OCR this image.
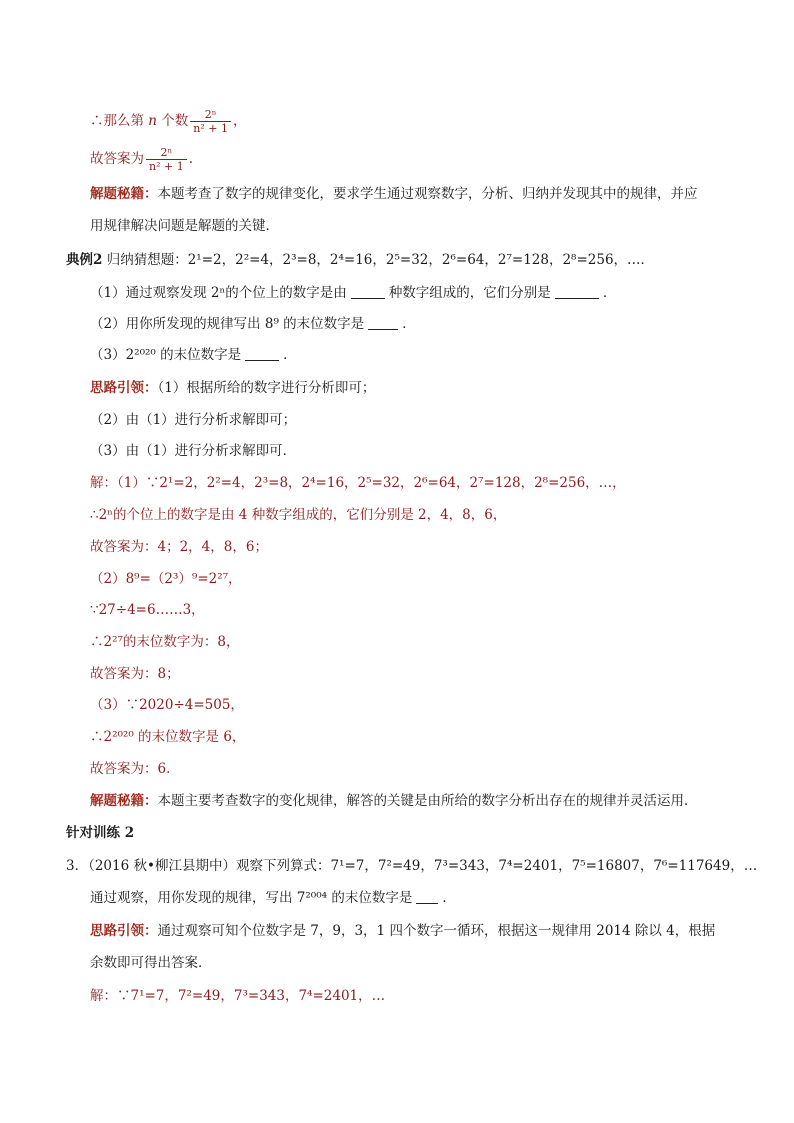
∴那么第 n 个数 $\frac{\text{2ⁿ}}{\text{n² + 1}}$ ，
故答案为 $\frac{\text{2ⁿ}}{\text{n² + 1}}$ .
解题秘籍：本题考查了数字的规律变化，要求学生通过观察数字，分析、归纳并发现其中的规律，并应
用规律解决问题是解题的关键．
典例2 归纳猜想题：2¹=2，2²=4，2³=8，2⁴=16，2⁵=32，2⁶=64，2⁷=128，2⁸=256，…．
（1）通过观察发现 2ⁿ的个位上的数字是由	种数字组成的，它们分别是	．
（2）用你所发现的规律写出 8⁹ 的末位数字是	．
（3）2²⁰²⁰ 的末位数字是	．
思路引领：（1）根据所给的数字进行分析即可；
（2）由（1）进行分析求解即可；
（3）由（1）进行分析求解即可．
解：（1）∵2¹=2，2²=4，2³=8，2⁴=16，2⁵=32，2⁶=64，2⁷=128，2⁸=256，…，
∴2ⁿ的个位上的数字是由 4 种数字组成的，它们分别是 2，4，8，6，
故答案为：4；2，4，8，6；
（2）8⁹=（2³）⁹=2²⁷，
∵27÷4=6……3，
∴2²⁷的末位数字为：8，
故答案为：8；
（3）∵2020÷4=505，
∴2²⁰²⁰ 的末位数字是 6，
故答案为：6．
解题秘籍：本题主要考查数字的变化规律，解答的关键是由所给的数字分析出存在的规律并灵活运用．
针对训练 2
3．（2016 秋•柳江县期中）观察下列算式：7¹=7，7²=49，7³=343，7⁴=2401，7⁵=16807，7⁶=117649，…
通过观察，用你发现的规律，写出 7²⁰⁰⁴ 的末位数字是 ．
思路引领：通过观察可知个位数字是 7，9，3，1 四个数字一循环，根据这一规律用 2014 除以 4，根据
余数即可得出答案．
解：∵7¹=7，7²=49，7³=343，7⁴=2401，…
